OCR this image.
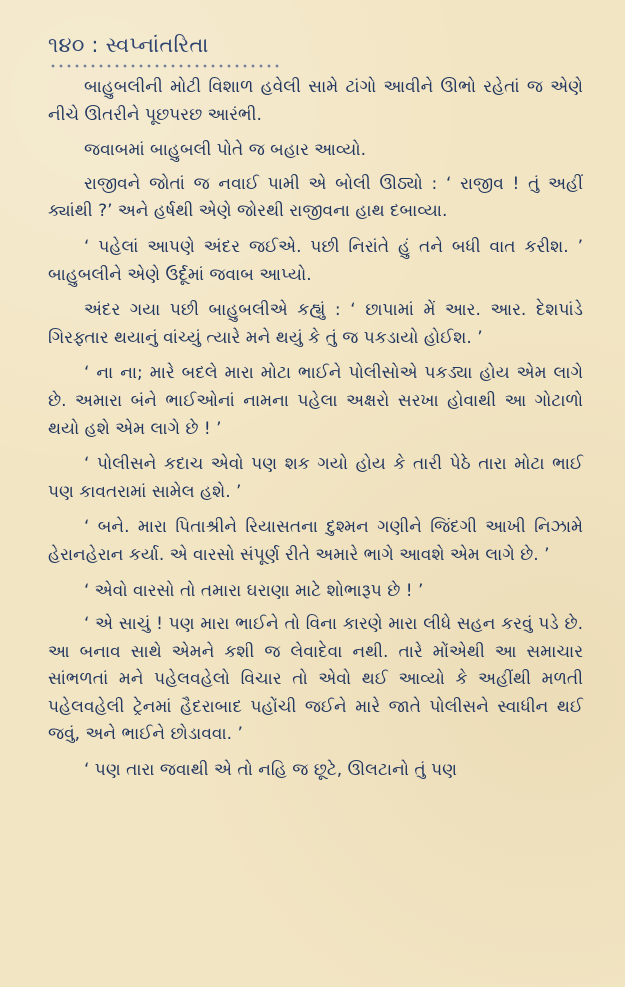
૧૪૦ : સ્વપ્નાંતરિતા

બાહુબલીની મોટી વિશાળ હવેલી સામે ટાંગો આવીને ઊભો રહેતાં જ એણે નીચે ઊતરીને પૂછપરછ આરંભી.

જવાબમાં બાહુબલી પોતે જ બહાર આવ્યો.

રાજીવને જોતાં જ નવાઈ પામી એ બોલી ઊઠ્યો : ‘ રાજીવ ! તું અહીં ક્યાંથી ?’ અને હર્ષથી એણે જોરથી રાજીવના હાથ દબાવ્યા.

‘ પહેલાં આપણે અંદર જઈએ. પછી નિરાંતે હું તને બધી વાત કરીશ. ’ બાહુબલીને એણે ઉર્દૂમાં જવાબ આપ્યો.

અંદર ગયા પછી બાહુબલીએ કહ્યું : ‘ છાપામાં મેં આર. આર. દેશપાંડે ગિરફ્તાર થયાનું વાંચ્યું ત્યારે મને થયું કે તું જ પકડાયો હોઈશ. ’

‘ ના ના; મારે બદલે મારા મોટા ભાઈને પોલીસોએ પકડ્યા હોય એમ લાગે છે. અમારા બંને ભાઈઓનાં નામના પહેલા અક્ષરો સરખા હોવાથી આ ગોટાળો થયો હશે એમ લાગે છે ! ’

‘ પોલીસને કદાચ એવો પણ શક ગયો હોય કે તારી પેઠે તારા મોટા ભાઈ પણ કાવતરામાં સામેલ હશે. ’

‘ બને. મારા પિતાશ્રીને રિયાસતના દુશ્મન ગણીને જિંદગી આખી નિઝામે હેરાનહેરાન કર્યા. એ વારસો સંપૂર્ણ રીતે અમારે ભાગે આવશે એમ લાગે છે. ’

‘ એવો વારસો તો તમારા ઘરાણા માટે શોભારૂપ છે ! ’

‘ એ સાચું ! પણ મારા ભાઈને તો વિના કારણે મારા લીધે સહન કરવું પડે છે. આ બનાવ સાથે એમને કશી જ લેવાદેવા નથી. તારે મોંએથી આ સમાચાર સાંભળતાં મને પહેલવહેલો વિચાર તો એવો થઈ આવ્યો કે અહીંથી મળતી પહેલવહેલી ટ્રેનમાં હૈદરાબાદ પહોંચી જઈને મારે જાતે પોલીસને સ્વાધીન થઈ જવું, અને ભાઈને છોડાવવા. ’

‘ પણ તારા જવાથી એ તો નહિ જ છૂટે, ઊલટાનો તું પણ
